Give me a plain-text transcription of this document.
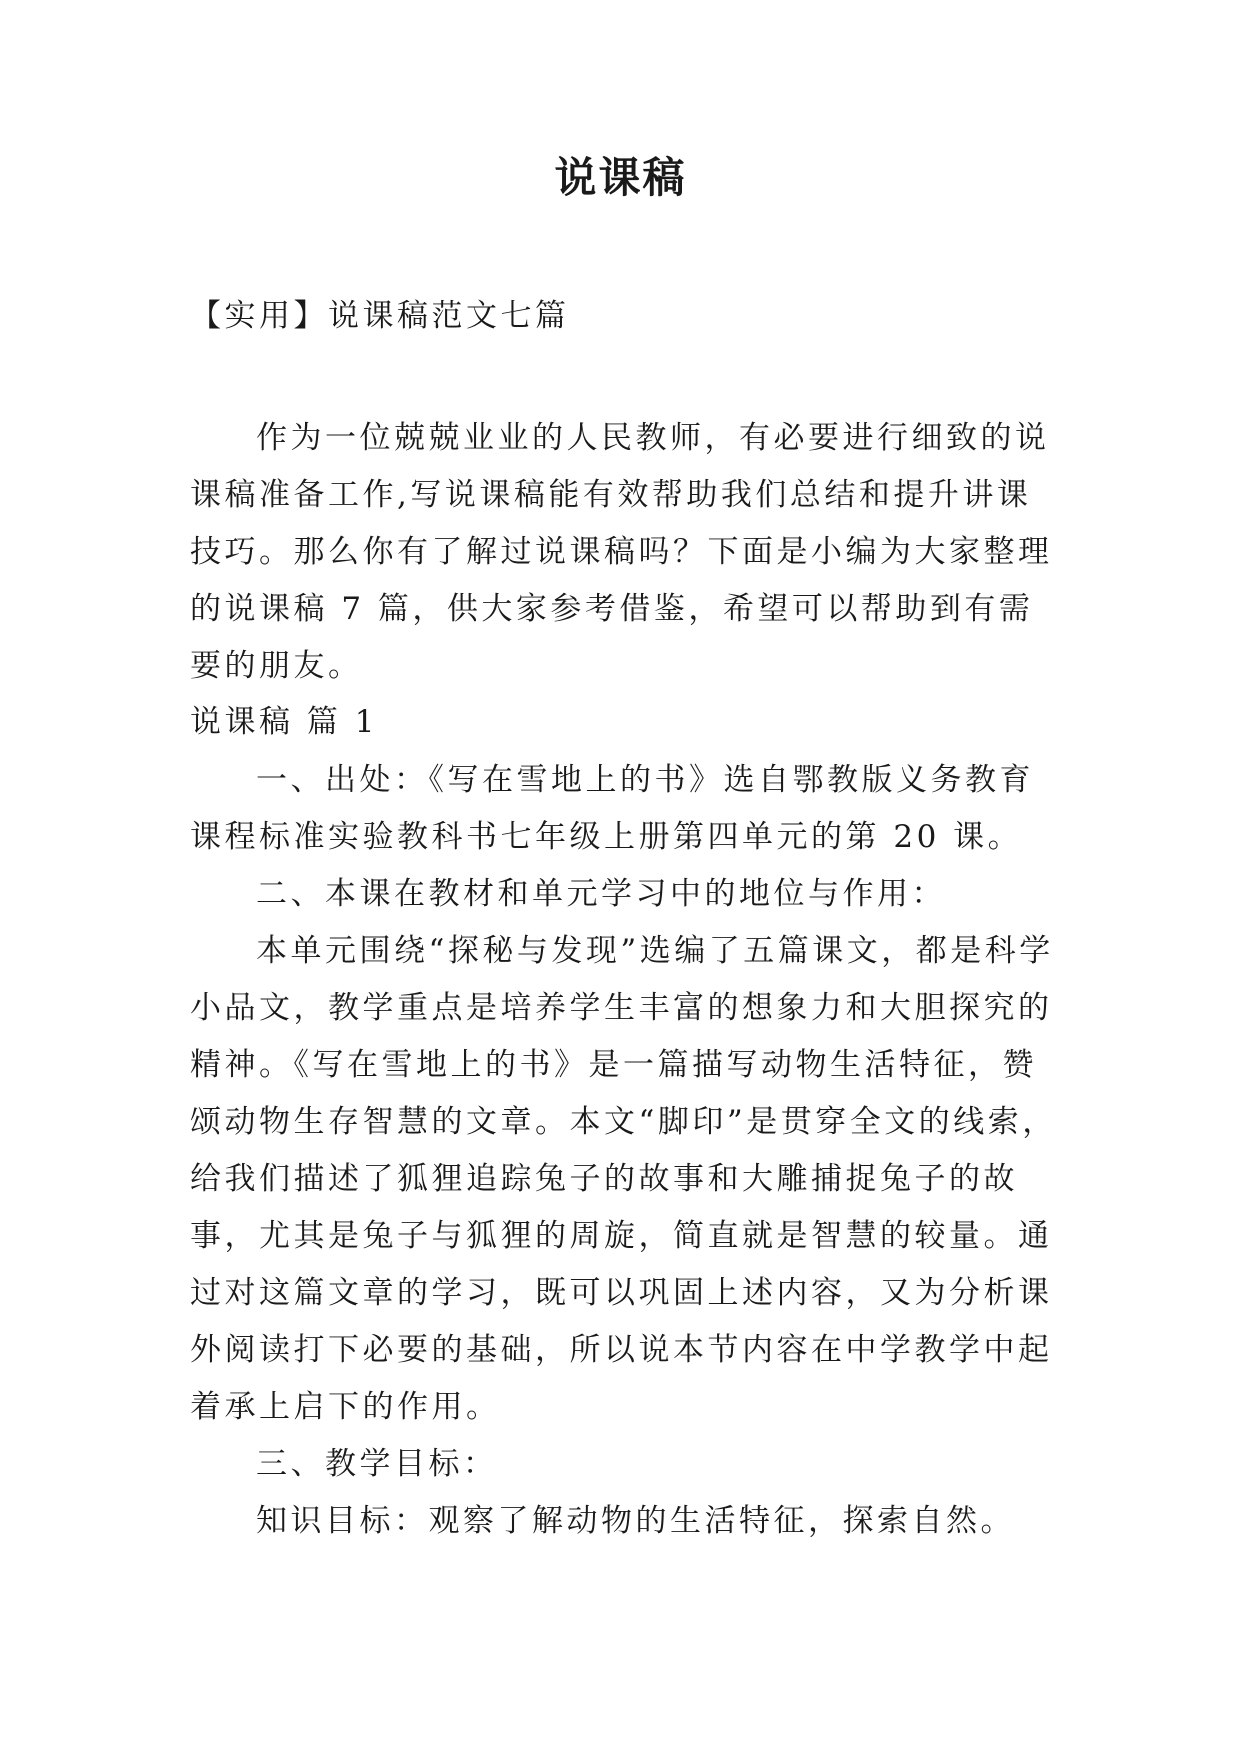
说课稿

【实用】说课稿范文七篇

作为一位兢兢业业的人民教师，有必要进行细致的说课稿准备工作,写说课稿能有效帮助我们总结和提升讲课技巧。那么你有了解过说课稿吗？下面是小编为大家整理的说课稿 7 篇，供大家参考借鉴，希望可以帮助到有需要的朋友。

说课稿 篇 1

一、出处：《写在雪地上的书》选自鄂教版义务教育课程标准实验教科书七年级上册第四单元的第 20 课。

二、本课在教材和单元学习中的地位与作用：

本单元围绕“探秘与发现”选编了五篇课文，都是科学小品文，教学重点是培养学生丰富的想象力和大胆探究的精神。《写在雪地上的书》是一篇描写动物生活特征，赞颂动物生存智慧的文章。本文“脚印”是贯穿全文的线索，给我们描述了狐狸追踪兔子的故事和大雕捕捉兔子的故事，尤其是兔子与狐狸的周旋，简直就是智慧的较量。通过对这篇文章的学习，既可以巩固上述内容，又为分析课外阅读打下必要的基础，所以说本节内容在中学教学中起着承上启下的作用。

三、教学目标：

知识目标：观察了解动物的生活特征，探索自然。
